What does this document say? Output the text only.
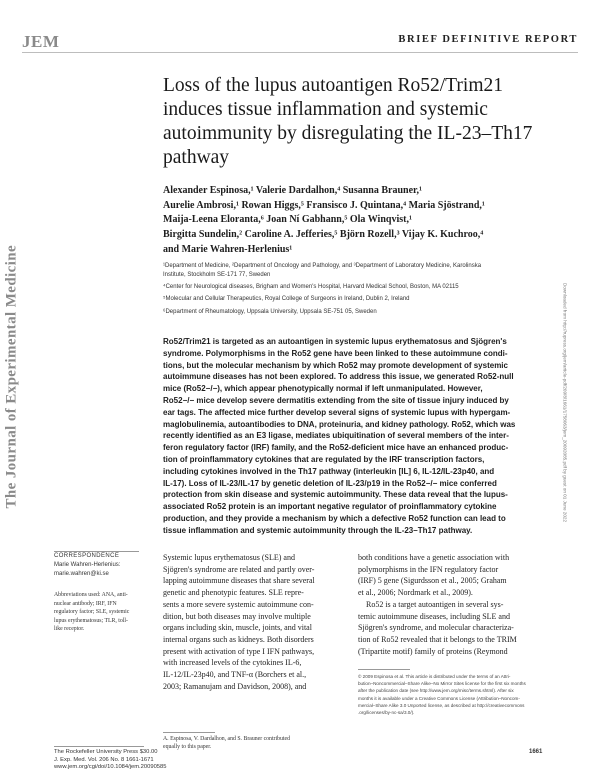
JEM	BRIEF DEFINITIVE REPORT
The Journal of Experimental Medicine	Downloaded from http://rupress.org/jem/article-pdf/209/8/1661/1758063/jem_20092085.pdf by guest on 01 June 2022
Loss of the lupus autoantigen Ro52/Trim21 induces tissue inflammation and systemic autoimmunity by disregulating the IL-23–Th17 pathway
Alexander Espinosa,¹ Valerie Dardalhon,⁴ Susanna Brauner,¹
Aurelie Ambrosi,¹ Rowan Higgs,⁵ Fransisco J. Quintana,⁴ Maria Sjöstrand,¹
Maija-Leena Eloranta,⁶ Joan Ní Gabhann,⁵ Ola Winqvist,¹
Birgitta Sundelin,² Caroline A. Jefferies,⁵ Björn Rozell,³ Vijay K. Kuchroo,⁴
and Marie Wahren-Herlenius¹
¹Department of Medicine, ²Department of Oncology and Pathology, and ³Department of Laboratory Medicine, Karolinska
Institute, Stockholm SE-171 77, Sweden
⁴Center for Neurological diseases, Brigham and Women's Hospital, Harvard Medical School, Boston, MA 02115
⁵Molecular and Cellular Therapeutics, Royal College of Surgeons in Ireland, Dublin 2, Ireland
⁶Department of Rheumatology, Uppsala University, Uppsala SE-751 05, Sweden
Ro52/Trim21 is targeted as an autoantigen in systemic lupus erythematosus and Sjögren's
syndrome. Polymorphisms in the Ro52 gene have been linked to these autoimmune condi-
tions, but the molecular mechanism by which Ro52 may promote development of systemic
autoimmune diseases has not been explored. To address this issue, we generated Ro52-null
mice (Ro52−/−), which appear phenotypically normal if left unmanipulated. However,
Ro52−/− mice develop severe dermatitis extending from the site of tissue injury induced by
ear tags. The affected mice further develop several signs of systemic lupus with hypergam-
maglobulinemia, autoantibodies to DNA, proteinuria, and kidney pathology. Ro52, which was
recently identified as an E3 ligase, mediates ubiquitination of several members of the inter-
feron regulatory factor (IRF) family, and the Ro52-deficient mice have an enhanced produc-
tion of proinflammatory cytokines that are regulated by the IRF transcription factors,
including cytokines involved in the Th17 pathway (interleukin [IL] 6, IL-12/IL-23p40, and
IL-17). Loss of IL-23/IL-17 by genetic deletion of IL-23/p19 in the Ro52−/− mice conferred
protection from skin disease and systemic autoimmunity. These data reveal that the lupus-
associated Ro52 protein is an important negative regulator of proinflammatory cytokine
production, and they provide a mechanism by which a defective Ro52 function can lead to
tissue inflammation and systemic autoimmunity through the IL-23–Th17 pathway.
CORRESPONDENCE
Marie Wahren-Herlenius:
marie.wahren@ki.se
Abbreviations used: ANA, anti-
nuclear antibody; IRF, IFN
regulatory factor; SLE, systemic
lupus erythematosus; TLR, toll-
like receptor.
Systemic lupus erythematosus (SLE) and
Sjögren's syndrome are related and partly over-
lapping autoimmune diseases that share several
genetic and phenotypic features. SLE repre-
sents a more severe systemic autoimmune con-
dition, but both diseases may involve multiple
organs including skin, muscle, joints, and vital
internal organs such as kidneys. Both disorders
present with activation of type I IFN pathways,
with increased levels of the cytokines IL-6,
IL-12/IL-23p40, and TNF-α (Borchers et al.,
2003; Ramanujam and Davidson, 2008), and
both conditions have a genetic association with
polymorphisms in the IFN regulatory factor
(IRF) 5 gene (Sigurdsson et al., 2005; Graham
et al., 2006; Nordmark et al., 2009).
Ro52 is a target autoantigen in several sys-
temic autoimmune diseases, including SLE and
Sjögren's syndrome, and molecular characteriza-
tion of Ro52 revealed that it belongs to the TRIM
(Tripartite motif) family of proteins (Reymond
A. Espinosa, V. Dardalhon, and S. Brauner contributed
equally to this paper.
© 2009 Espinosa et al. This article is distributed under the terms of an Attri-
bution–Noncommercial–Share Alike–No Mirror Sites license for the first six months
after the publication date (see http://www.jem.org/misc/terms.shtml). After six
months it is available under a Creative Commons License (Attribution–Noncom-
mercial–Share Alike 3.0 Unported license, as described at http://creativecommons
.org/licenses/by-nc-sa/3.0/).
The Rockefeller University Press $30.00
J. Exp. Med. Vol. 206 No. 8 1661-1671
www.jem.org/cgi/doi/10.1084/jem.20090585
1661
